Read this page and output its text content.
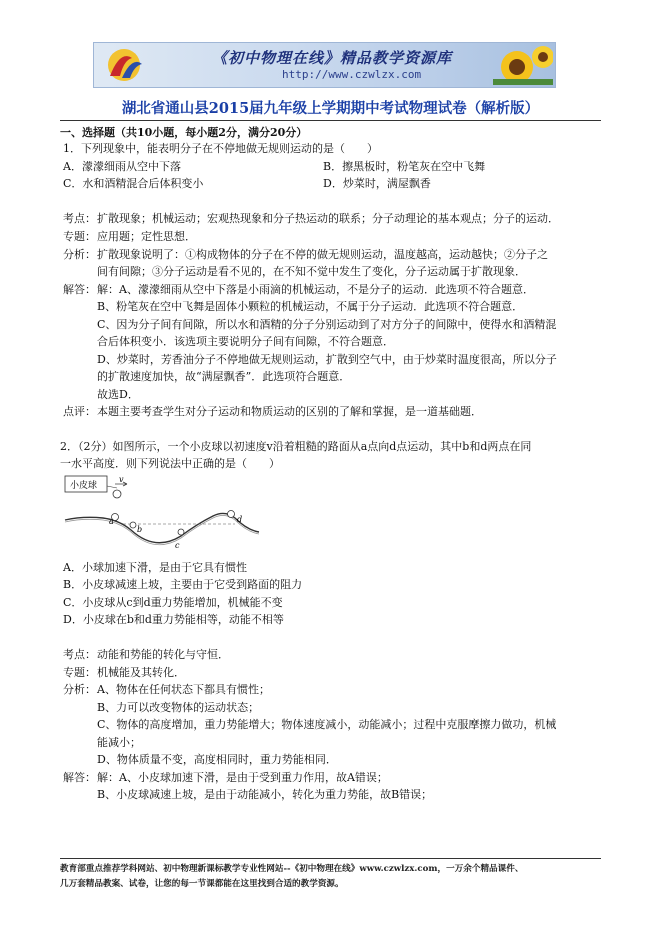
《初中物理在线》精品教学资源库
http://www.czwlzx.com
湖北省通山县2015届九年级上学期期中考试物理试卷（解析版）
一、选择题（共10小题，每小题2分，满分20分）
1．下列现象中，能表明分子在不停地做无规则运动的是（　　）
A．濛濛细雨从空中下落	B．擦黑板时，粉笔灰在空中飞舞
C．水和酒精混合后体积变小	D．炒菜时，满屋飘香
考点： 扩散现象；机械运动；宏观热现象和分子热运动的联系；分子动理论的基本观点；分子的运动．
专题： 应用题；定性思想．
分析： 扩散现象说明了：①构成物体的分子在不停的做无规则运动，温度越高，运动越快；②分子之
间有间隙；③分子运动是看不见的，在不知不觉中发生了变化，分子运动属于扩散现象．
解答： 解：A、濛濛细雨从空中下落是小雨滴的机械运动，不是分子的运动．此选项不符合题意．
B、粉笔灰在空中飞舞是固体小颗粒的机械运动，不属于分子运动．此选项不符合题意．
C、因为分子间有间隙，所以水和酒精的分子分别运动到了对方分子的间隙中，使得水和酒精混
合后体积变小．该选项主要说明分子间有间隙，不符合题意．
D、炒菜时，芳香油分子不停地做无规则运动，扩散到空气中，由于炒菜时温度很高，所以分子
的扩散速度加快，故“满屋飘香”．此选项符合题意．
故选D．
点评： 本题主要考查学生对分子运动和物质运动的区别的了解和掌握，是一道基础题．
2．（2分）如图所示，一个小皮球以初速度v沿着粗糙的路面从a点向d点运动，其中b和d两点在同
一水平高度．则下列说法中正确的是（　　）
小皮球
v
a
b
c
d
A．小球加速下滑，是由于它具有惯性
B．小皮球减速上坡，主要由于它受到路面的阻力
C．小皮球从c到d重力势能增加，机械能不变
D．小皮球在b和d重力势能相等，动能不相等
考点： 动能和势能的转化与守恒．
专题： 机械能及其转化．
分析： A、物体在任何状态下都具有惯性；
B、力可以改变物体的运动状态；
C、物体的高度增加，重力势能增大；物体速度减小，动能减小；过程中克服摩擦力做功，机械
能减小；
D、物体质量不变，高度相同时，重力势能相同．
解答： 解：A、小皮球加速下滑，是由于受到重力作用，故A错误；
B、小皮球减速上坡，是由于动能减小，转化为重力势能，故B错误；
教育部重点推荐学科网站、初中物理新课标教学专业性网站--《初中物理在线》www.czwlzx.com，一万余个精品课件、
几万套精品教案、试卷，让您的每一节课都能在这里找到合适的教学资源。
